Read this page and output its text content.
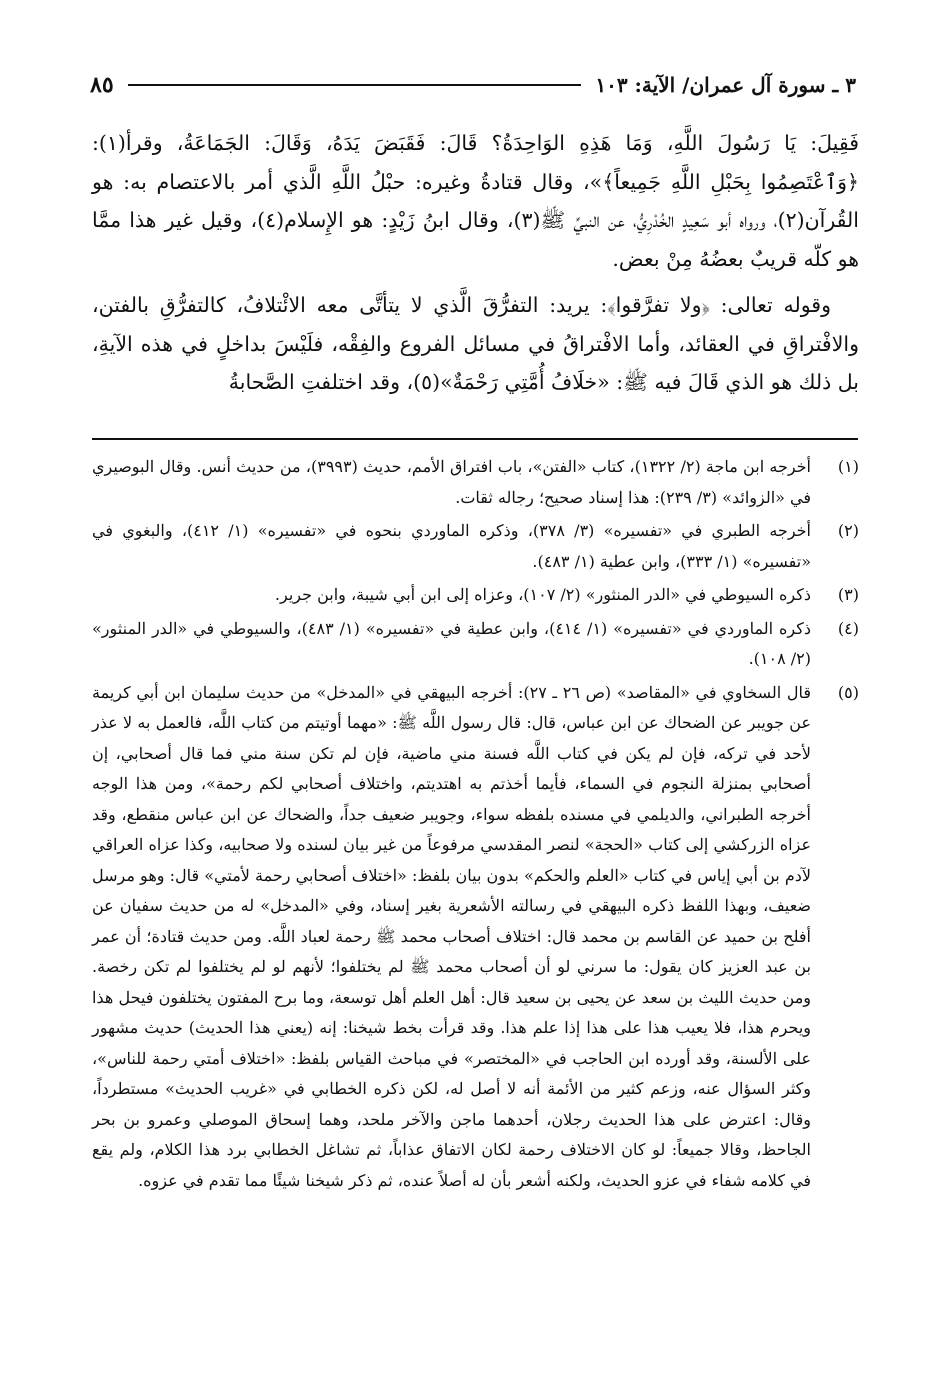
٣ ـ سورة آل عمران/ الآية: ١٠٣
٨٥

فَقِيلَ: يَا رَسُولَ اللَّهِ، وَمَا هَذِهِ الوَاحِدَةُ؟ قَالَ: فَقَبَضَ يَدَهُ، وَقَالَ: الجَمَاعَةُ، وقرأ(١): ﴿وَٱعْتَصِمُوا بِحَبْلِ اللَّهِ جَمِيعاً﴾»، وقال قتادةُ وغيره: حبْلُ اللَّهِ الَّذي أمر بالاعتصام به: هو القُرآن(٢)، ورواه أبو سَعِيدٍ الخُدْرِيُّ، عن النبيِّ ﷺ(٣)، وقال ابنُ زَيْدٍ: هو الإِسلام(٤)، وقيل غير هذا ممَّا هو كلّه قريبٌ بعضُهُ مِنْ بعض.

وقوله تعالى: ﴿ولا تفرَّقوا﴾: يريد: التفرُّقَ الَّذي لا يتأتَّى معه الائْتلافُ، كالتفرُّقِ بالفتن، والافْتراقِ في العقائد، وأما الافْتراقُ في مسائل الفروع والفِقْه، فلَيْسَ بداخلٍ في هذه الآيةِ، بل ذلك هو الذي قَالَ فيه ﷺ: «خلَافُ أُمَّتِي رَحْمَةٌ»(٥)، وقد اختلفتِ الصَّحابةُ

(١)
أخرجه ابن ماجة (٢/ ١٣٢٢)، كتاب «الفتن»، باب افتراق الأمم، حديث (٣٩٩٣)، من حديث أنس. وقال البوصيري في «الزوائد» (٣/ ٢٣٩): هذا إسناد صحيح؛ رجاله ثقات.
(٢)
أخرجه الطبري في «تفسيره» (٣/ ٣٧٨)، وذكره الماوردي بنحوه في «تفسيره» (١/ ٤١٢)، والبغوي في «تفسيره» (١/ ٣٣٣)، وابن عطية (١/ ٤٨٣).
(٣)
ذكره السيوطي في «الدر المنثور» (٢/ ١٠٧)، وعزاه إلى ابن أبي شيبة، وابن جرير.
(٤)
ذكره الماوردي في «تفسيره» (١/ ٤١٤)، وابن عطية في «تفسيره» (١/ ٤٨٣)، والسيوطي في «الدر المنثور» (٢/ ١٠٨).
(٥)
قال السخاوي في «المقاصد» (ص ٢٦ ـ ٢٧): أخرجه البيهقي في «المدخل» من حديث سليمان ابن أبي كريمة عن جويبر عن الضحاك عن ابن عباس، قال: قال رسول اللَّه ﷺ: «مهما أوتيتم من كتاب اللَّه، فالعمل به لا عذر لأحد في تركه، فإن لم يكن في كتاب اللَّه فسنة مني ماضية، فإن لم تكن سنة مني فما قال أصحابي، إن أصحابي بمنزلة النجوم في السماء، فأيما أخذتم به اهتديتم، واختلاف أصحابي لكم رحمة»، ومن هذا الوجه أخرجه الطبراني، والديلمي في مسنده بلفظه سواء، وجويبر ضعيف جداً، والضحاك عن ابن عباس منقطع، وقد عزاه الزركشي إلى كتاب «الحجة» لنصر المقدسي مرفوعاً من غير بيان لسنده ولا صحابيه، وكذا عزاه العراقي لآدم بن أبي إياس في كتاب «العلم والحكم» بدون بيان بلفظ: «اختلاف أصحابي رحمة لأمتي» قال: وهو مرسل ضعيف، وبهذا اللفظ ذكره البيهقي في رسالته الأشعرية بغير إسناد، وفي «المدخل» له من حديث سفيان عن أفلح بن حميد عن القاسم بن محمد قال: اختلاف أصحاب محمد ﷺ رحمة لعباد اللَّه. ومن حديث قتادة؛ أن عمر بن عبد العزيز كان يقول: ما سرني لو أن أصحاب محمد ﷺ لم يختلفوا؛ لأنهم لو لم يختلفوا لم تكن رخصة. ومن حديث الليث بن سعد عن يحيى بن سعيد قال: أهل العلم أهل توسعة، وما برح المفتون يختلفون فيحل هذا ويحرم هذا، فلا يعيب هذا على هذا إذا علم هذا. وقد قرأت بخط شيخنا: إنه (يعني هذا الحديث) حديث مشهور على الألسنة، وقد أورده ابن الحاجب في «المختصر» في مباحث القياس بلفظ: «اختلاف أمتي رحمة للناس»، وكثر السؤال عنه، وزعم كثير من الأئمة أنه لا أصل له، لكن ذكره الخطابي في «غريب الحديث» مستطرداً، وقال: اعترض على هذا الحديث رجلان، أحدهما ماجن والآخر ملحد، وهما إسحاق الموصلي وعمرو بن بحر الجاحظ، وقالا جميعاً: لو كان الاختلاف رحمة لكان الاتفاق عذاباً، ثم تشاغل الخطابي برد هذا الكلام، ولم يقع في كلامه شفاء في عزو الحديث، ولكنه أشعر بأن له أصلاً عنده، ثم ذكر شيخنا شيئًا مما تقدم في عزوه.
